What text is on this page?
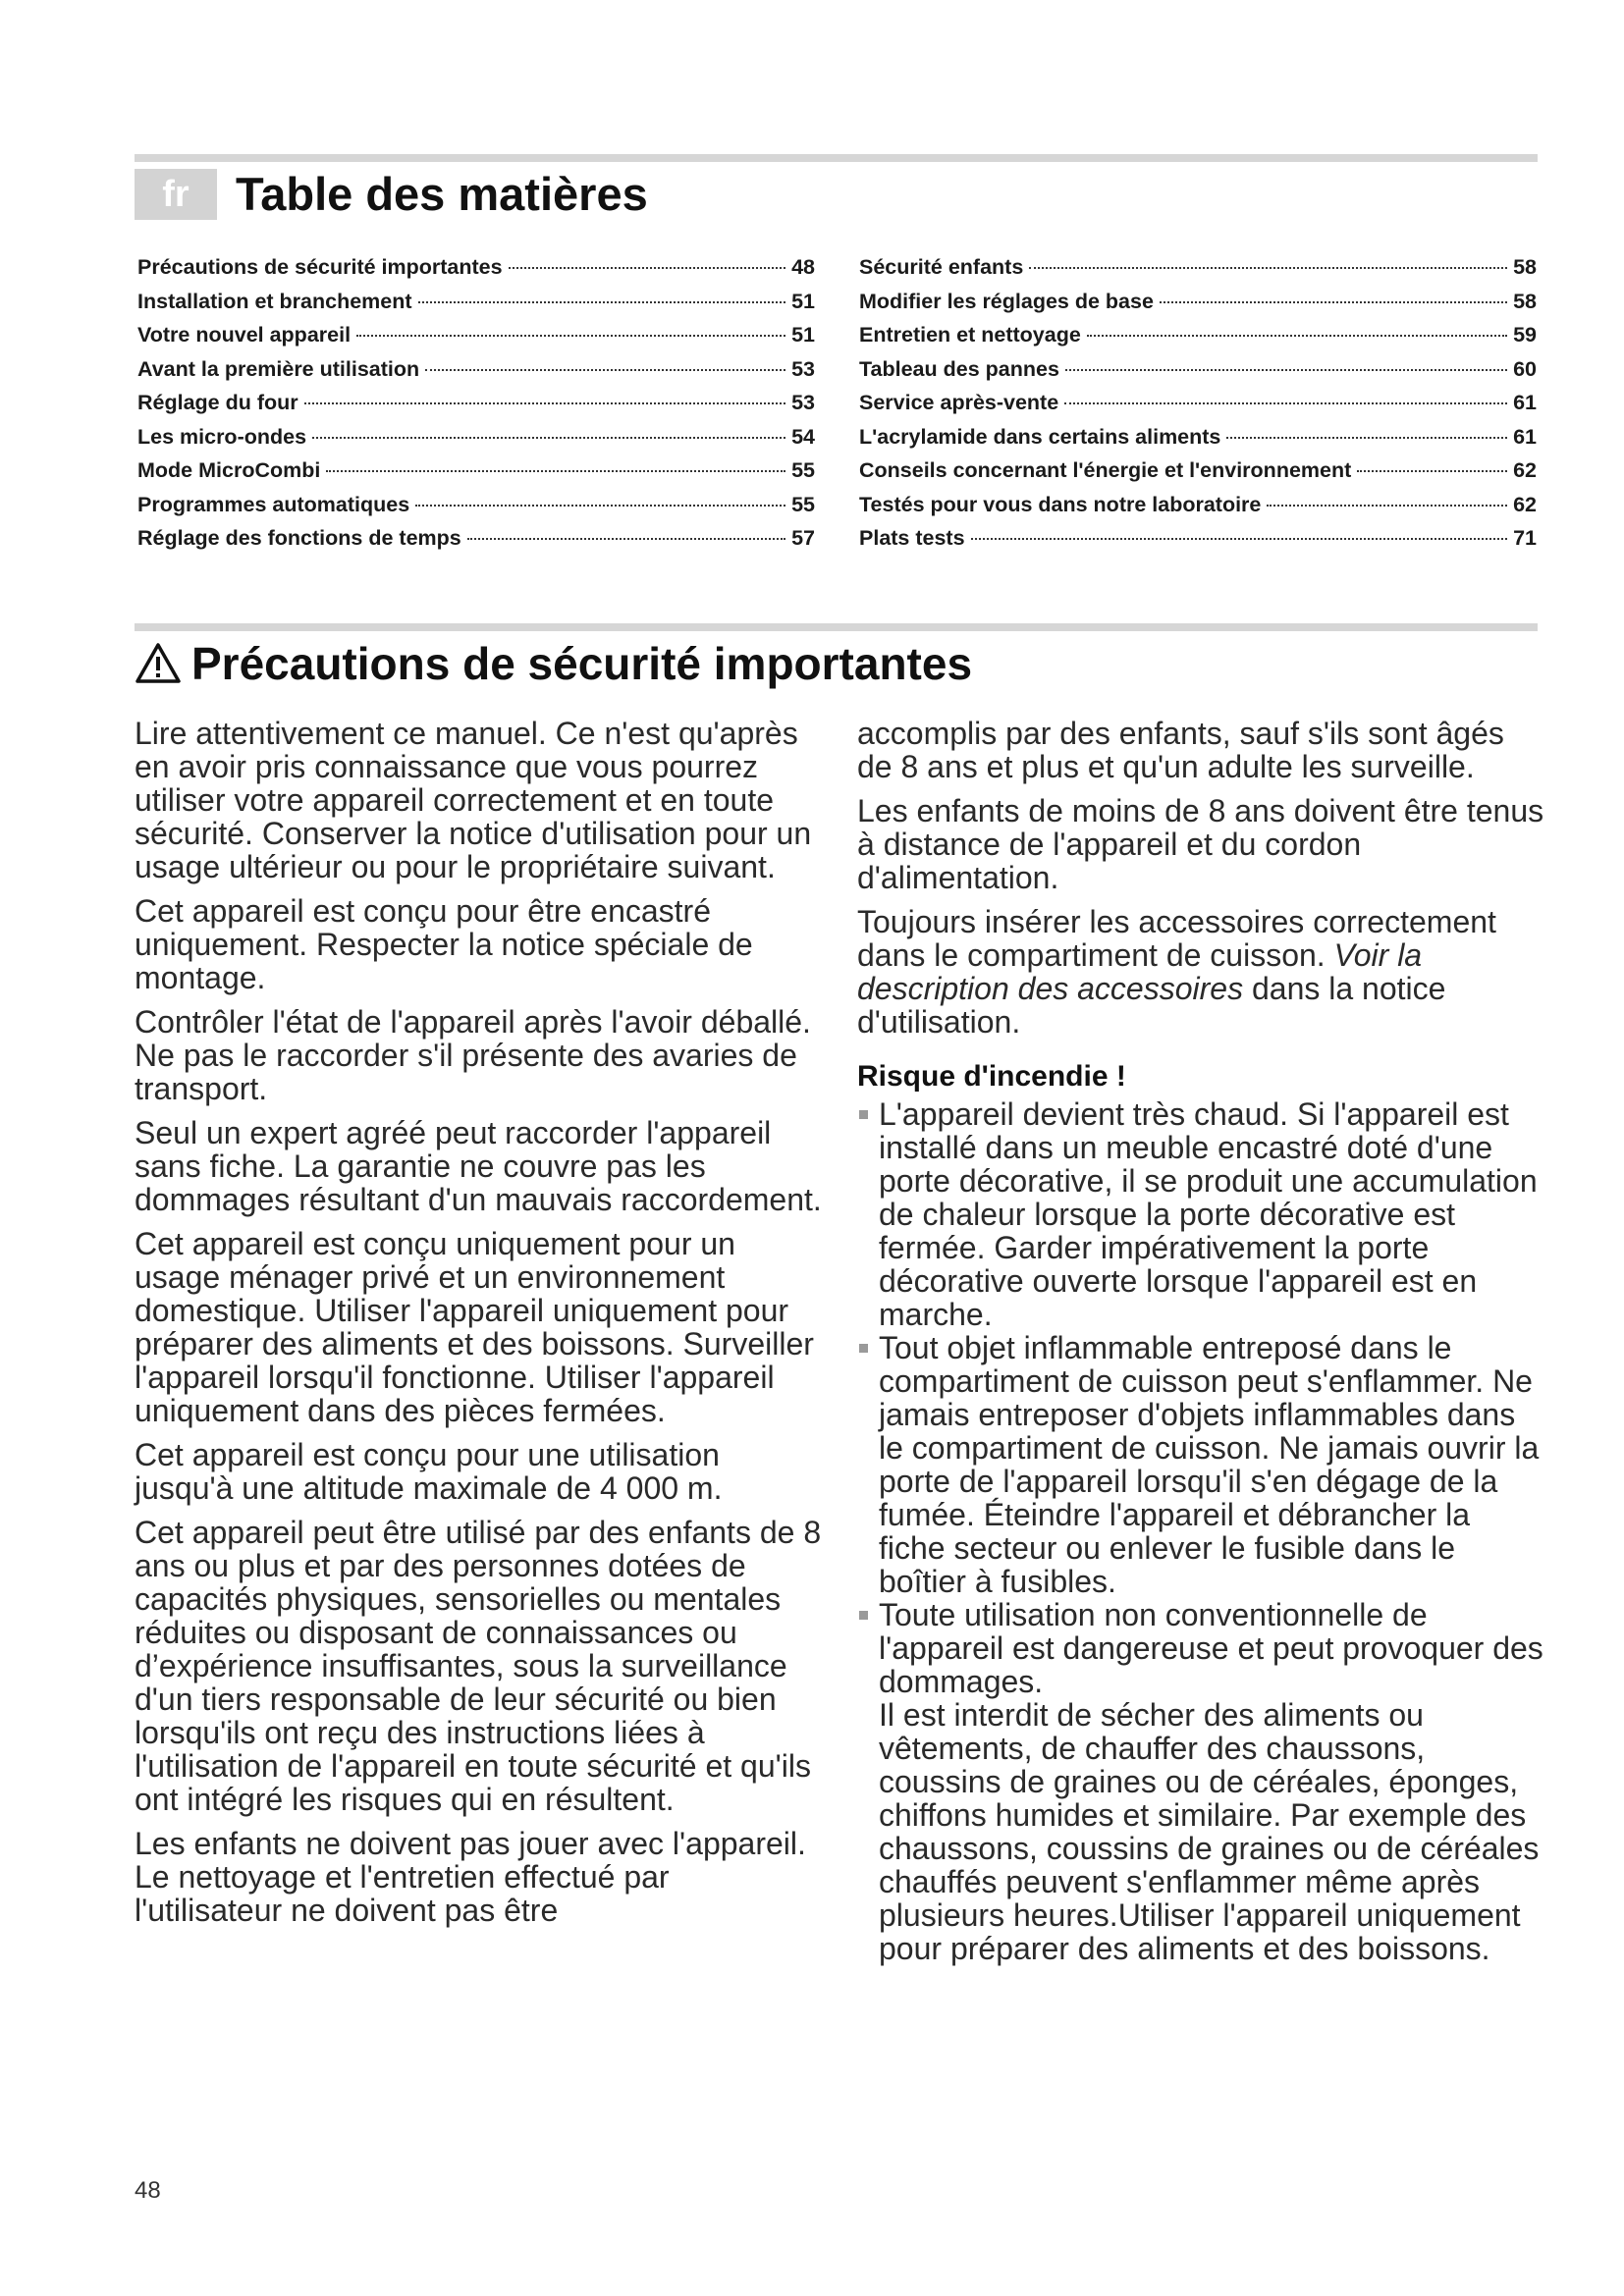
fr	Table des matières
Précautions de sécurité importantes	48
Installation et branchement	51
Votre nouvel appareil	51
Avant la première utilisation	53
Réglage du four	53
Les micro-ondes	54
Mode MicroCombi	55
Programmes automatiques	55
Réglage des fonctions de temps	57
Sécurité enfants	58
Modifier les réglages de base	58
Entretien et nettoyage	59
Tableau des pannes	60
Service après-vente	61
L'acrylamide dans certains aliments	61
Conseils concernant l'énergie et l'environnement	62
Testés pour vous dans notre laboratoire	62
Plats tests	71
Précautions de sécurité importantes

Lire attentivement ce manuel. Ce n'est qu'après en avoir pris connaissance que vous pourrez utiliser votre appareil correctement et en toute sécurité. Conserver la notice d'utilisation pour un usage ultérieur ou pour le propriétaire suivant.

Cet appareil est conçu pour être encastré uniquement. Respecter la notice spéciale de montage.

Contrôler l'état de l'appareil après l'avoir déballé. Ne pas le raccorder s'il présente des avaries de transport.

Seul un expert agréé peut raccorder l'appareil sans fiche. La garantie ne couvre pas les dommages résultant d'un mauvais raccordement.

Cet appareil est conçu uniquement pour un usage ménager privé et un environnement domestique. Utiliser l'appareil uniquement pour préparer des aliments et des boissons. Surveiller l'appareil lorsqu'il fonctionne. Utiliser l'appareil uniquement dans des pièces fermées.

Cet appareil est conçu pour une utilisation jusqu'à une altitude maximale de 4 000 m.

Cet appareil peut être utilisé par des enfants de 8 ans ou plus et par des personnes dotées de capacités physiques, sensorielles ou mentales réduites ou disposant de connaissances ou d’expérience insuffisantes, sous la surveillance d'un tiers responsable de leur sécurité ou bien lorsqu'ils ont reçu des instructions liées à l'utilisation de l'appareil en toute sécurité et qu'ils ont intégré les risques qui en résultent.

Les enfants ne doivent pas jouer avec l'appareil. Le nettoyage et l'entretien effectué par l'utilisateur ne doivent pas être

accomplis par des enfants, sauf s'ils sont âgés de 8 ans et plus et qu'un adulte les surveille.

Les enfants de moins de 8 ans doivent être tenus à distance de l'appareil et du cordon d'alimentation.

Toujours insérer les accessoires correctement dans le compartiment de cuisson. Voir la description des accessoires dans la notice d'utilisation.

Risque d'incendie !

L'appareil devient très chaud. Si l'appareil est installé dans un meuble encastré doté d'une porte décorative, il se produit une accumulation de chaleur lorsque la porte décorative est fermée. Garder impérativement la porte décorative ouverte lorsque l'appareil est en marche.

Tout objet inflammable entreposé dans le compartiment de cuisson peut s'enflammer. Ne jamais entreposer d'objets inflammables dans le compartiment de cuisson. Ne jamais ouvrir la porte de l'appareil lorsqu'il s'en dégage de la fumée. Éteindre l'appareil et débrancher la fiche secteur ou enlever le fusible dans le boîtier à fusibles.

Toute utilisation non conventionnelle de l'appareil est dangereuse et peut provoquer des dommages.

Il est interdit de sécher des aliments ou vêtements, de chauffer des chaussons, coussins de graines ou de céréales, éponges, chiffons humides et similaire. Par exemple des chaussons, coussins de graines ou de céréales chauffés peuvent s'enflammer même après plusieurs heures.Utiliser l'appareil uniquement pour préparer des aliments et des boissons.

48
